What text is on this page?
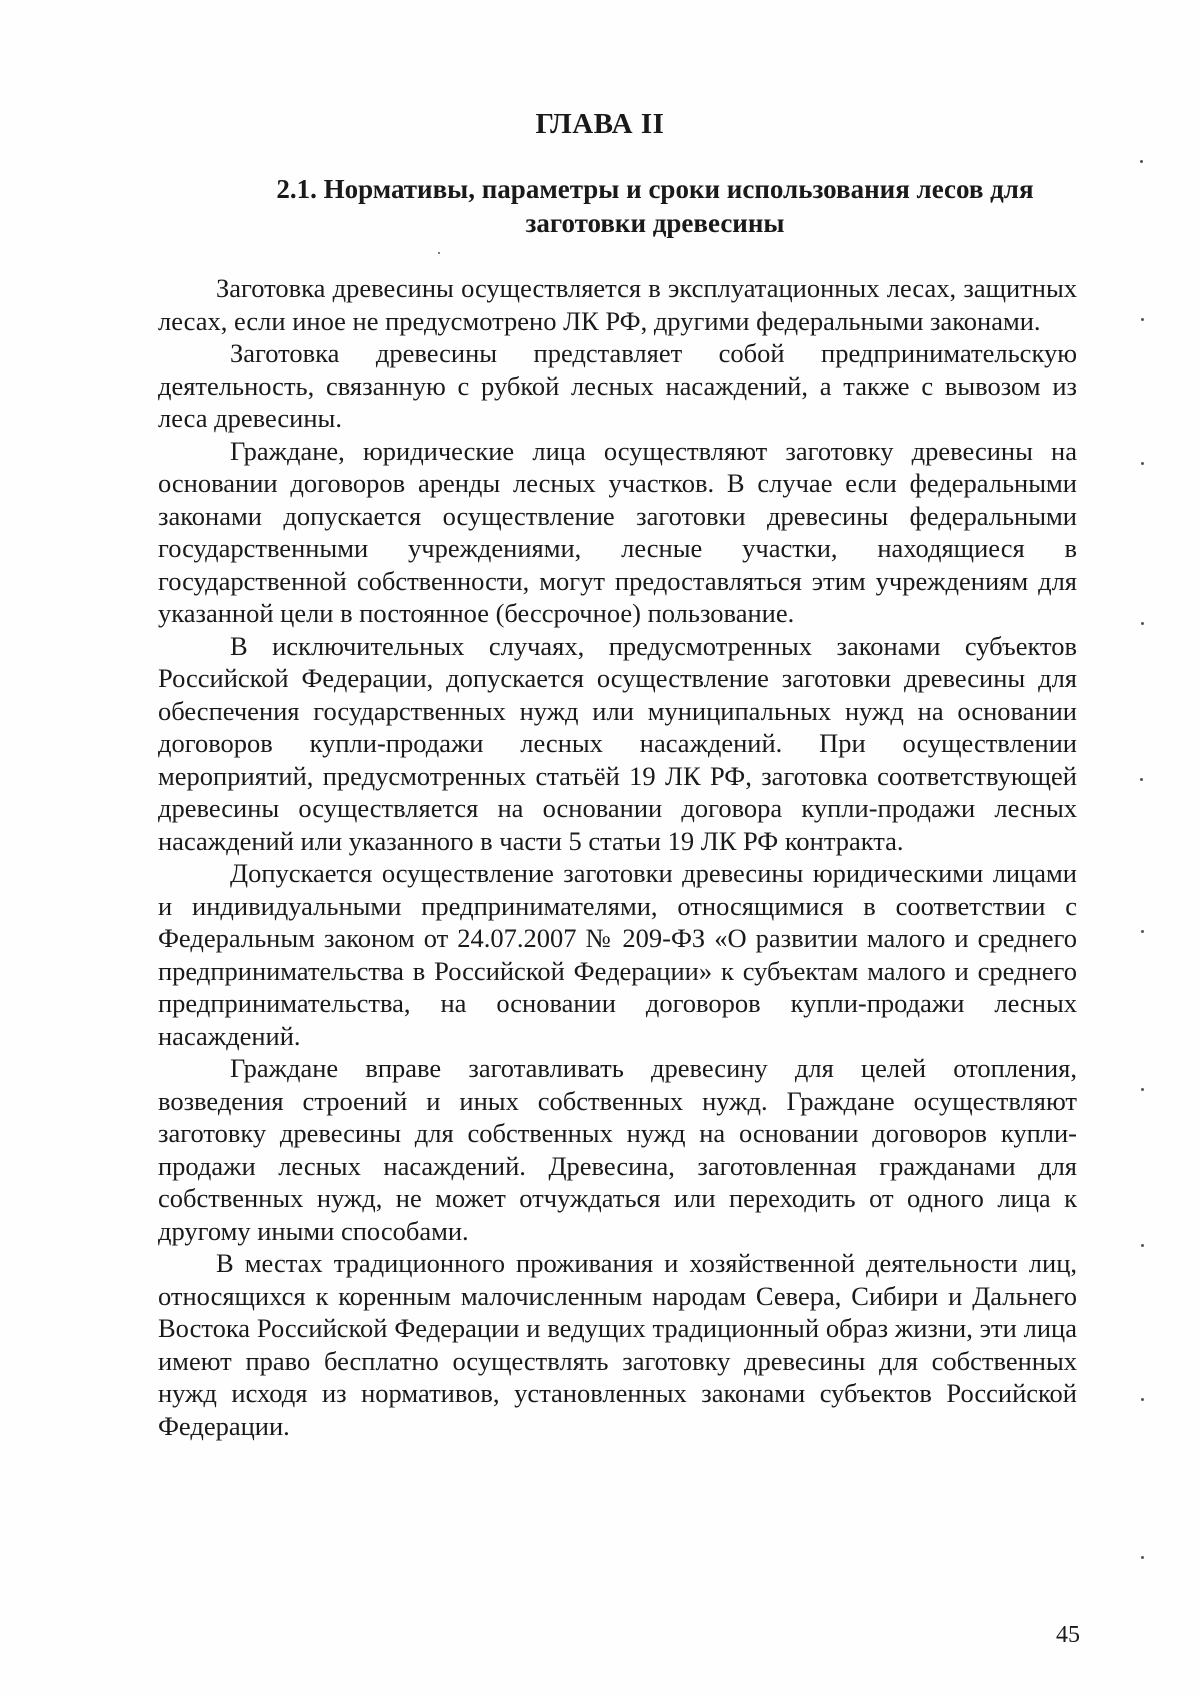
ГЛАВА II
2.1. Нормативы, параметры и сроки использования лесов для заготовки древесины

Заготовка древесины осуществляется в эксплуатационных лесах, защитных лесах, если иное не предусмотрено ЛК РФ, другими федеральными законами.

Заготовка древесины представляет собой предпринимательскую деятельность, связанную с рубкой лесных насаждений, а также с вывозом из леса древесины.

Граждане, юридические лица осуществляют заготовку древесины на основании договоров аренды лесных участков. В случае если федеральными законами допускается осуществление заготовки древесины федеральными государственными учреждениями, лесные участки, находящиеся в государственной собственности, могут предоставляться этим учреждениям для указанной цели в постоянное (бессрочное) пользование.

В исключительных случаях, предусмотренных законами субъектов Российской Федерации, допускается осуществление заготовки древесины для обеспечения государственных нужд или муниципальных нужд на основании договоров купли-продажи лесных насаждений. При осуществлении мероприятий, предусмотренных статьёй 19 ЛК РФ, заготовка соответствующей древесины осуществляется на основании договора купли-продажи лесных насаждений или указанного в части 5 статьи 19 ЛК РФ контракта.

Допускается осуществление заготовки древесины юридическими лицами и индивидуальными предпринимателями, относящимися в соответствии с Федеральным законом от 24.07.2007 № 209-ФЗ «О развитии малого и среднего предпринимательства в Российской Федерации» к субъектам малого и среднего предпринимательства, на основании договоров купли-продажи лесных насаждений.

Граждане вправе заготавливать древесину для целей отопления, возведения строений и иных собственных нужд. Граждане осуществляют заготовку древесины для собственных нужд на основании договоров купли-продажи лесных насаждений. Древесина, заготовленная гражданами для собственных нужд, не может отчуждаться или переходить от одного лица к другому иными способами.

В местах традиционного проживания и хозяйственной деятельности лиц, относящихся к коренным малочисленным народам Севера, Сибири и Дальнего Востока Российской Федерации и ведущих традиционный образ жизни, эти лица имеют право бесплатно осуществлять заготовку древесины для собственных нужд исходя из нормативов, установленных законами субъектов Российской Федерации.

45
